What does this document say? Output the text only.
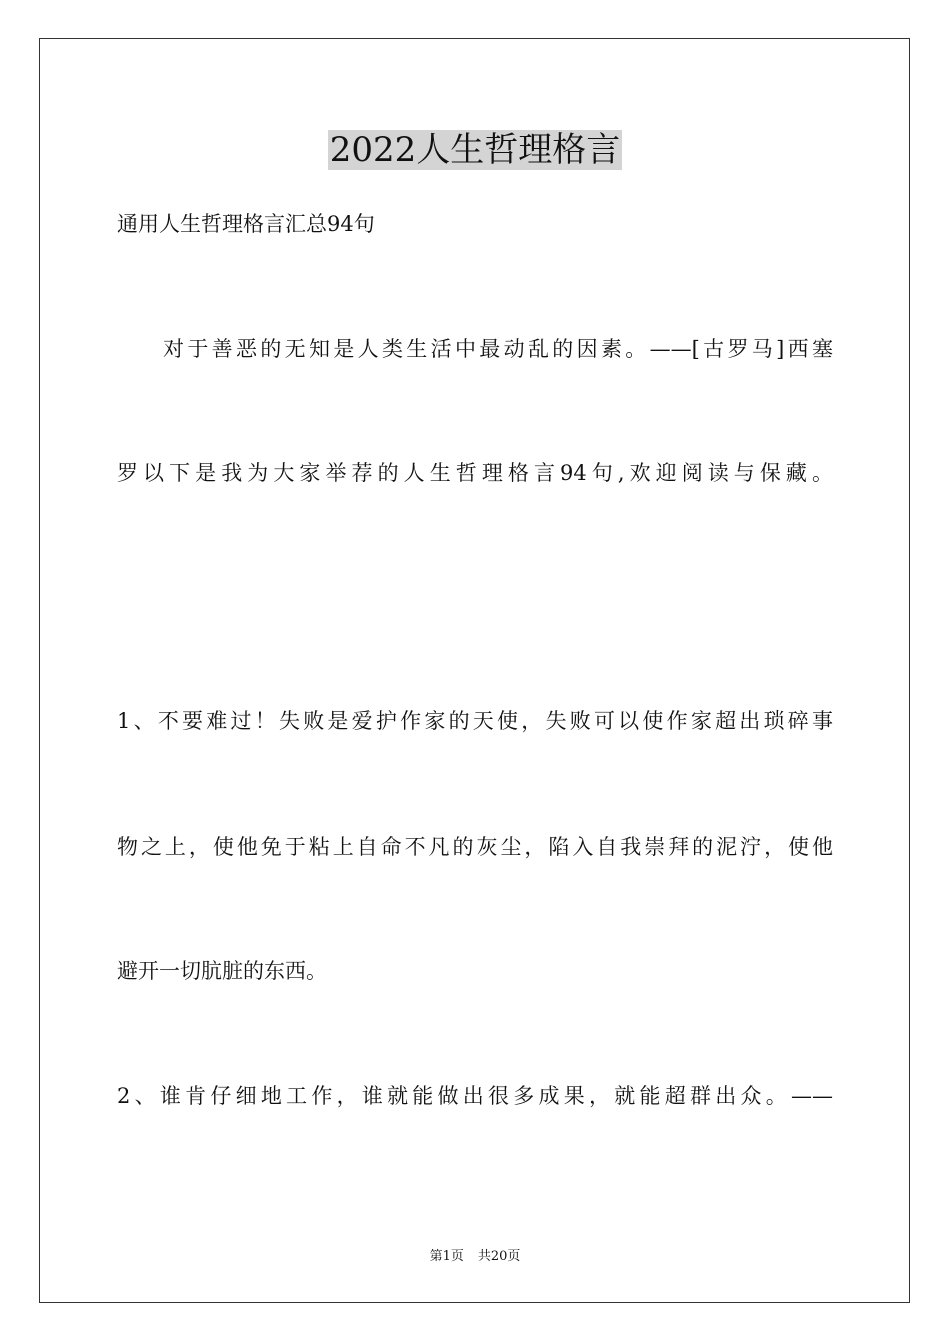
2022人生哲理格言
通用人生哲理格言汇总94句
对于善恶的无知是人类生活中最动乱的因素。——[古罗马]西塞
罗以下是我为大家举荐的人生哲理格言94句,欢迎阅读与保藏。
1、不要难过！失败是爱护作家的天使，失败可以使作家超出琐碎事
物之上，使他免于粘上自命不凡的灰尘，陷入自我崇拜的泥泞，使他
避开一切肮脏的东西。
2、谁肯仔细地工作，谁就能做出很多成果，就能超群出众。——
第1页 共20页
